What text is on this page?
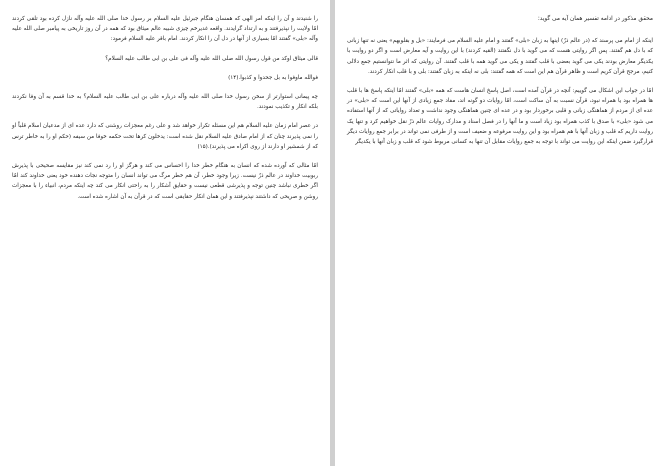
را شنیدند و آن را اینکه امر الهی که همسان هنگام جبرئیل علیه السلام بر رسول خدا صلی الله علیه وآله نازل کرده بود تلقی کردند امّا ولایت را نپذیرفتند و به ارتداد گرایدند. واقعه غدیرخم چیزی شبیه عالم میثاق بود که همه در آن روز تاریخی به پیامبر صلی الله علیه وآله «بلی» گفتند امّا بسیاری از آنها در دل آن را انکار کردند. امام باقر علیه السلام فرمود:

قالی میثاق اوکد من قول رسول الله صلی الله علیه وآله فی علی بن ابی طالب علیه السلام؟

فوالله ماوفوا به بل جحدوا و کذبوا.(۱۴)

چه پیمانی استوارتر از سخن رسول خدا صلی الله علیه وآله درباره علی بن ابی طالب علیه السلام؟ به خدا قسم به آن وفا نکردند بلکه انکار و تکذیب نمودند.

در عصر امام زمان علیه السلام هم این مسئله تکرار خواهد شد و علی رغم معجزات روشنی که دارد عده ای از مدعیان اسلام قلباً او را نمی پذیرند چنان که از امام صادق علیه السلام نقل شده است: یدخلون کرها تحت حکمه خوفا من سیفه (حکم او را به خاطر ترس که از شمشیر او دارند از روی اکراه می پذیرند).(۱۵)

امّا مثالی که آورده شده که انسان به هنگام خطر خدا را احساس می کند و هرگز او را رد نمی کند نیز مقایسه صحیحی با پذیرش ربوبیت خداوند در عالم ذرّ نیست. زیرا وجود خطر، آن هم خطر مرگ می تواند انسان را متوجه نجات دهنده خود یعنی خداوند کند امّا اگر خطری نباشد چنین توجه و پذیرشی قطعی نیست و حقایق آشکار را به راحتی انکار می کند چه اینکه مردم، انبیاء را با معجزات روشن و صریحی که داشتند نپذیرفتند و این همان انکار حقایقی است که در قرآن به آن اشاره شده است.

محقق مذکور در ادامه تفسیر همان آیه می گوید:

اینکه از امام می پرسند که (در عالم ذرّ) اینها به زبان «بلی» گفتند و امام علیه السلام می فرمایند: «بل و بقلوبهم» یعنی نه تنها زبانی که با دل هم گفتند. پس اگر روایتی هست که می گوید با دل نگفتند (القیه کردند) با این روایت و آیه معارض است و اگر دو روایت با یکدیگر معارض بودند یکی می گوید بعضی با قلب گفتند و یکی می گوید همه با قلب گفتند. آن روایتی که اثر ما نتوانستیم جمع دلالی کنیم، مرجح قرآن کریم است و ظاهر قرآن هم این است که همه گفتند: بلی نه اینکه به زبان گفتند: بلی و با قلب انکار کردند.

امّا در جواب این اشکال می گوییم: آنچه در قرآن آمده است، اصل پاسخ انسان هاست که همه «بلی» گفتند امّا اینکه پاسخ ها با قلب ها همراه بود یا همراه نبود، قرآن نسبت به آن ساکت است، امّا روایات دو گونه اند، مفاد جمع زیادی از آنها این است که «بلی» در عده ای از مردم از هماهنگی زبانی و قلبی برخوردار بود و در عده ای چنین هماهنگی وجود نداشت و تعداد روایاتی که از آنها استفاده می شود «بلی» با صدق با کذب همراه بود زیاد است و ما آنها را در فصل اسناد و مدارک روایات عالم ذرّ نقل خواهیم کرد و تنها یک روایت داریم که قلب و زبان آنها با هم همراه بود و این روایت مرفوعه و ضعیف است و از طرفی نمی تواند در برابر جمع روایات دیگر قرارگیرد ضمن اینکه این روایت می تواند با توجه به جمع روایات مقابل آن تنها به کسانی مربوط شود که قلب و زبان آنها با یکدیگر
